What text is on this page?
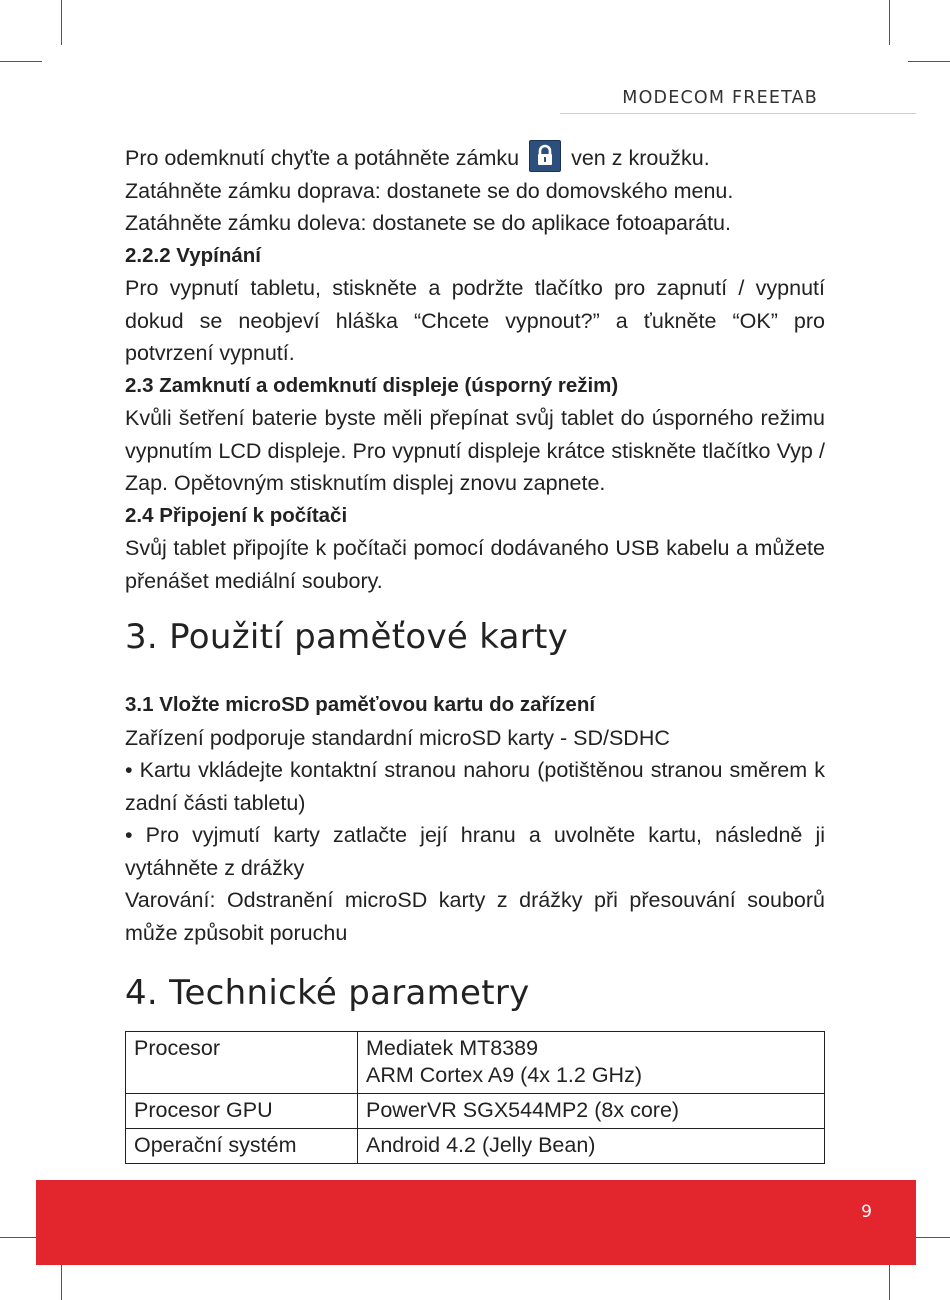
MODECOM FREETAB

Pro odemknutí chyťte a potáhněte zámku ven z kroužku.

Zatáhněte zámku doprava: dostanete se do domovského menu.

Zatáhněte zámku doleva: dostanete se do aplikace fotoaparátu.

2.2.2 Vypínání

Pro vypnutí tabletu, stiskněte a podržte tlačítko pro zapnutí / vypnutí dokud se neobjeví hláška “Chcete vypnout?” a ťukněte “OK” pro potvrzení vypnutí.

2.3 Zamknutí a odemknutí displeje (úsporný režim)

Kvůli šetření baterie byste měli přepínat svůj tablet do úsporného režimu vypnutím LCD displeje. Pro vypnutí displeje krátce stiskněte tlačítko Vyp / Zap. Opětovným stisknutím displej znovu zapnete.

2.4 Připojení k počítači

Svůj tablet připojíte k počítači pomocí dodávaného USB kabelu a můžete přenášet mediální soubory.

3. Použití paměťové karty

3.1 Vložte microSD paměťovou kartu do zařízení

Zařízení podporuje standardní microSD karty - SD/SDHC

• Kartu vkládejte kontaktní stranou nahoru (potištěnou stranou směrem k zadní části tabletu)

• Pro vyjmutí karty zatlačte její hranu a uvolněte kartu, následně ji vytáhněte z drážky

Varování: Odstranění microSD karty z drážky při přesouvání souborů může způsobit poruchu

4. Technické parametry
Procesor	Mediatek MT8389
ARM Cortex A9 (4x 1.2 GHz)

Procesor GPU	PowerVR SGX544MP2 (8x core)
Operační systém	Android 4.2 (Jelly Bean)
9
